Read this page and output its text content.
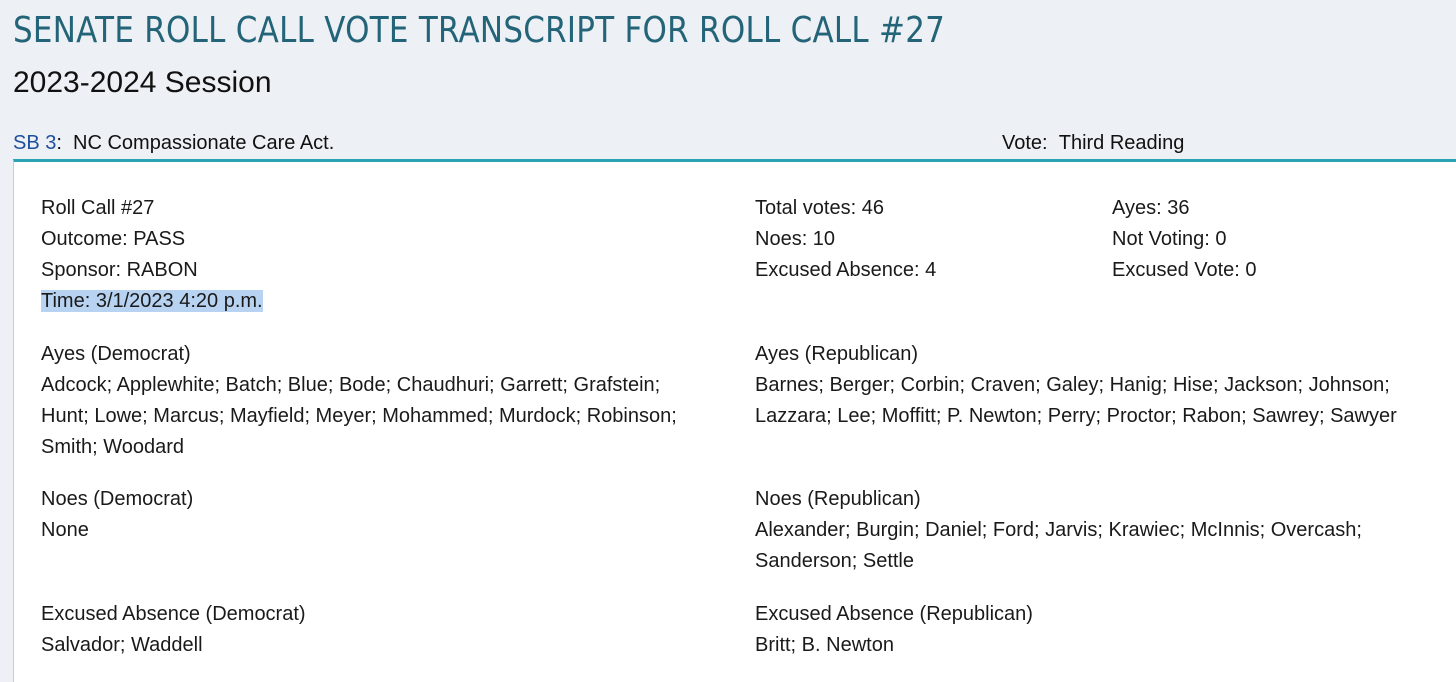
SENATE ROLL CALL VOTE TRANSCRIPT FOR ROLL CALL #27
2023-2024 Session
SB 3: NC Compassionate Care Act.	Vote: Third Reading
Roll Call #27
Outcome: PASS
Sponsor: RABON
Time: 3/1/2023 4:20 p.m.
Total votes: 46
Noes: 10
Excused Absence: 4
Ayes: 36
Not Voting: 0
Excused Vote: 0
Ayes (Democrat)
Adcock; Applewhite; Batch; Blue; Bode; Chaudhuri; Garrett; Grafstein; Hunt; Lowe; Marcus; Mayfield; Meyer; Mohammed; Murdock; Robinson; Smith; Woodard
Ayes (Republican)
Barnes; Berger; Corbin; Craven; Galey; Hanig; Hise; Jackson; Johnson; Lazzara; Lee; Moffitt; P. Newton; Perry; Proctor; Rabon; Sawrey; Sawyer
Noes (Democrat)
None
Noes (Republican)
Alexander; Burgin; Daniel; Ford; Jarvis; Krawiec; McInnis; Overcash; Sanderson; Settle
Excused Absence (Democrat)
Salvador; Waddell
Excused Absence (Republican)
Britt; B. Newton
